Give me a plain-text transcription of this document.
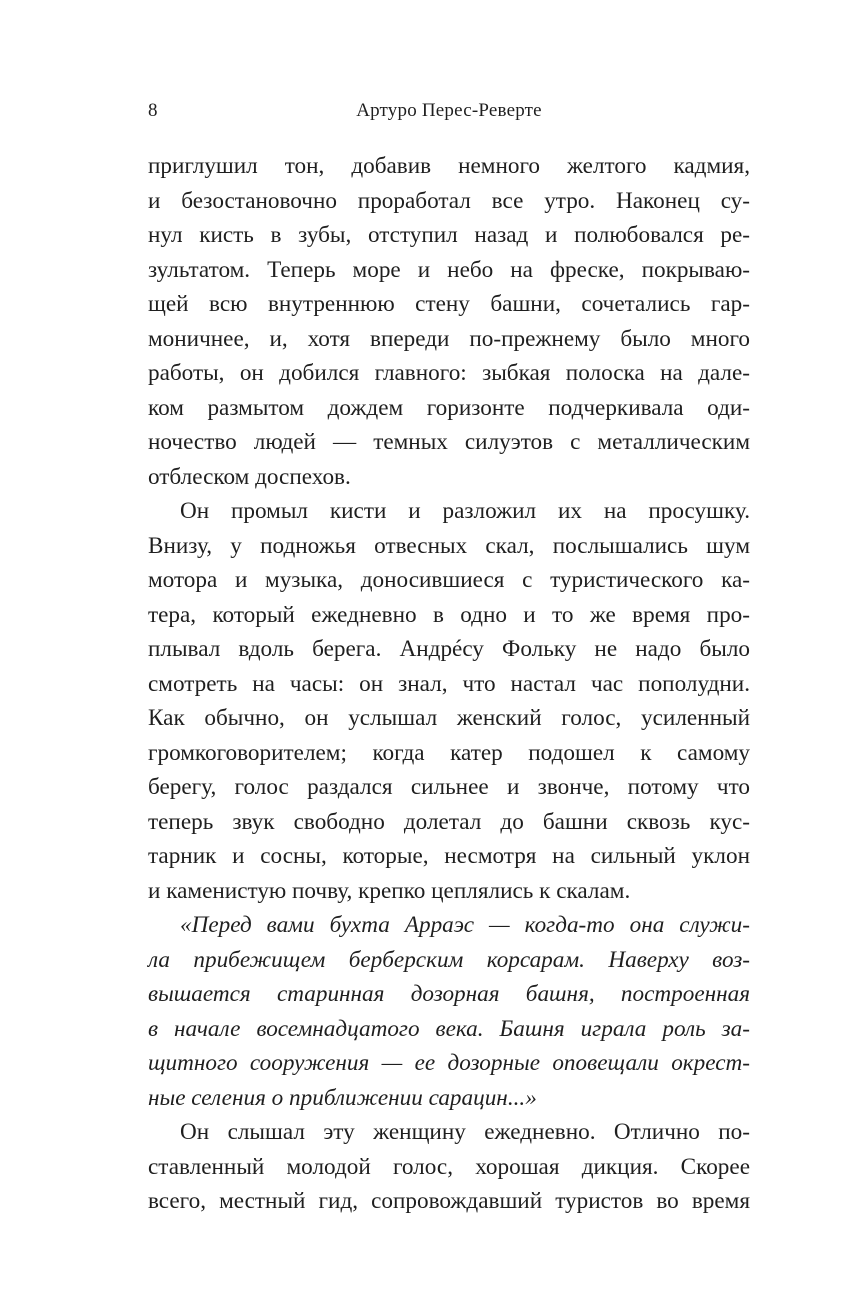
8	Артуро Перес-Реверте
приглушил тон, добавив немного желтого кадмия,
и безостановочно проработал все утро. Наконец су-
нул кисть в зубы, отступил назад и полюбовался ре-
зультатом. Теперь море и небо на фреске, покрываю-
щей всю внутреннюю стену башни, сочетались гар-
моничнее, и, хотя впереди по-прежнему было много
работы, он добился главного: зыбкая полоска на дале-
ком размытом дождем горизонте подчеркивала оди-
ночество людей — темных силуэтов с металлическим
отблеском доспехов.
Он промыл кисти и разложил их на просушку.
Внизу, у подножья отвесных скал, послышались шум
мотора и музыка, доносившиеся с туристического ка-
тера, который ежедневно в одно и то же время про-
плывал вдоль берега. Андрéсу Фольку не надо было
смотреть на часы: он знал, что настал час пополудни.
Как обычно, он услышал женский голос, усиленный
громкоговорителем; когда катер подошел к самому
берегу, голос раздался сильнее и звонче, потому что
теперь звук свободно долетал до башни сквозь кус-
тарник и сосны, которые, несмотря на сильный уклон
и каменистую почву, крепко цеплялись к скалам.
«Перед вами бухта Арраэс — когда-то она служи-
ла прибежищем берберским корсарам. Наверху воз-
вышается старинная дозорная башня, построенная
в начале восемнадцатого века. Башня играла роль за-
щитного сооружения — ее дозорные оповещали окрест-
ные селения о приближении сарацин...»
Он слышал эту женщину ежедневно. Отлично по-
ставленный молодой голос, хорошая дикция. Скорее
всего, местный гид, сопровождавший туристов во время
